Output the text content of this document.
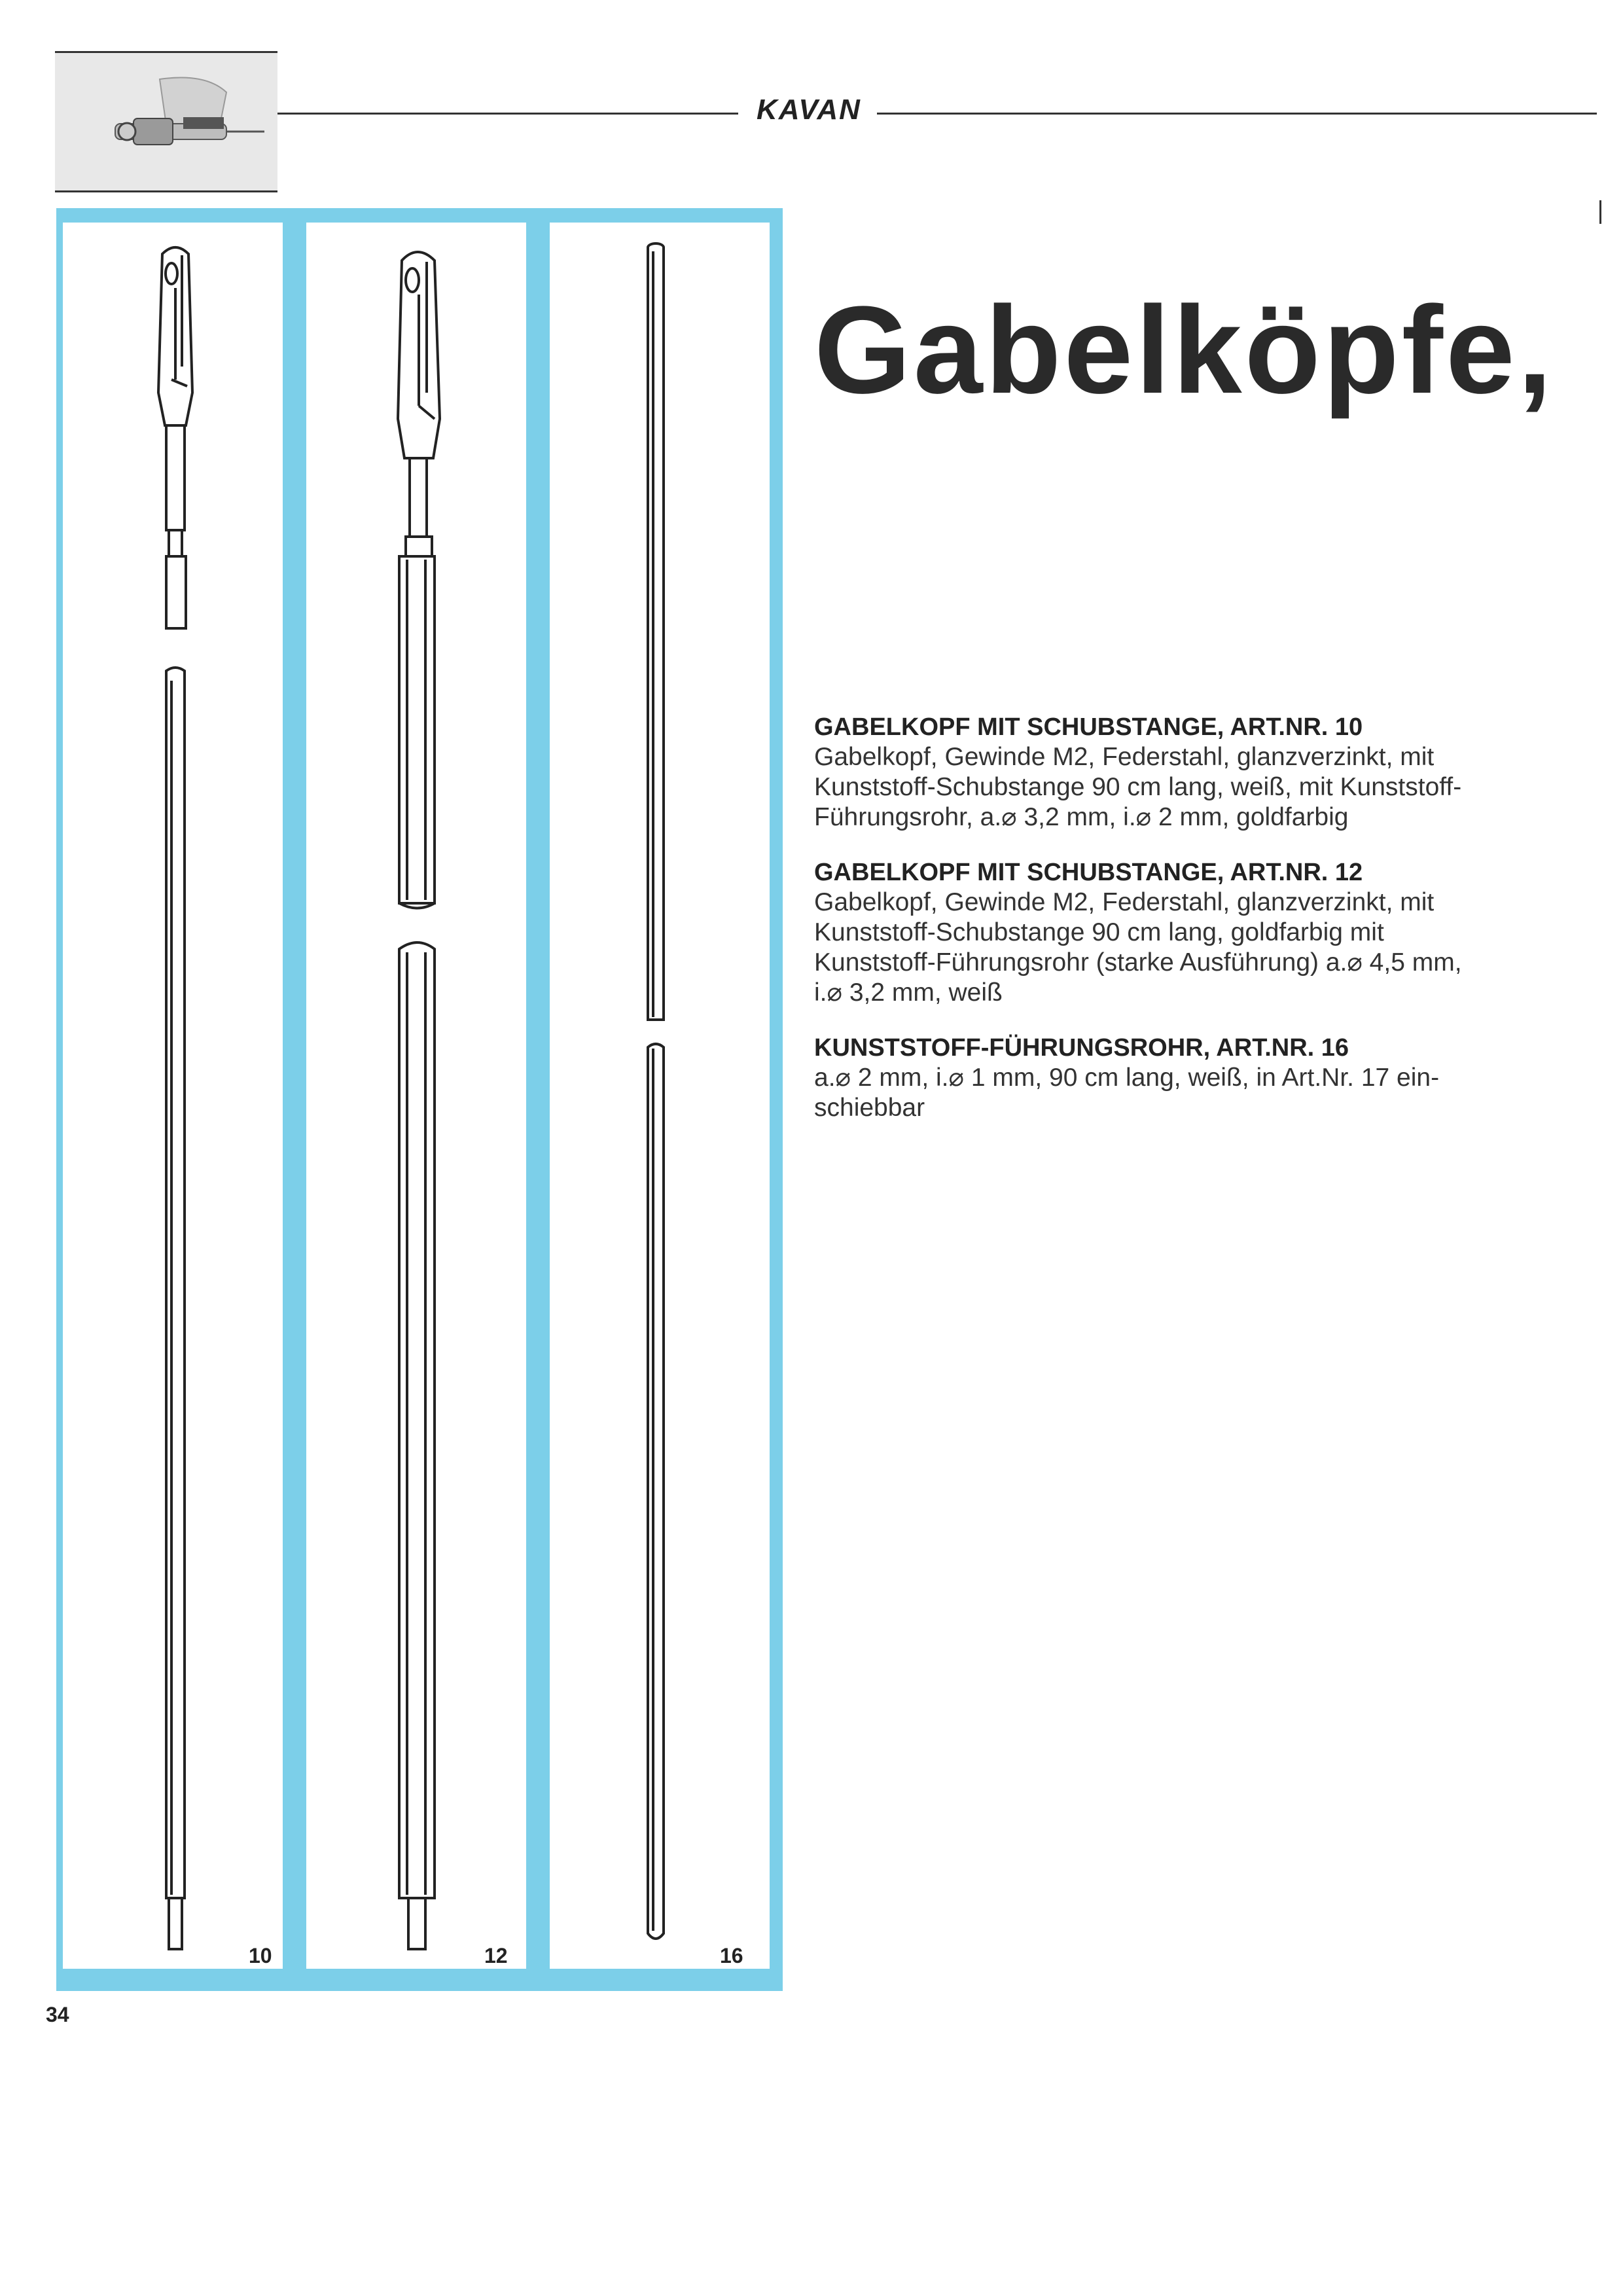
KAVAN
10	12	16
Gabelköpfe,

GABELKOPF MIT SCHUBSTANGE, ART.NR. 10

Gabelkopf, Gewinde M2, Federstahl, glanzverzinkt, mit

Kunststoff-Schubstange 90 cm lang, weiß, mit Kunststoff-

Führungsrohr, a.⌀ 3,2 mm, i.⌀ 2 mm, goldfarbig

GABELKOPF MIT SCHUBSTANGE, ART.NR. 12

Gabelkopf, Gewinde M2, Federstahl, glanzverzinkt, mit

Kunststoff-Schubstange 90 cm lang, goldfarbig mit

Kunststoff-Führungsrohr (starke Ausführung) a.⌀ 4,5 mm,

i.⌀ 3,2 mm, weiß

KUNSTSTOFF-FÜHRUNGSROHR, ART.NR. 16

a.⌀ 2 mm, i.⌀ 1 mm, 90 cm lang, weiß, in Art.Nr. 17 ein-

schiebbar

34
